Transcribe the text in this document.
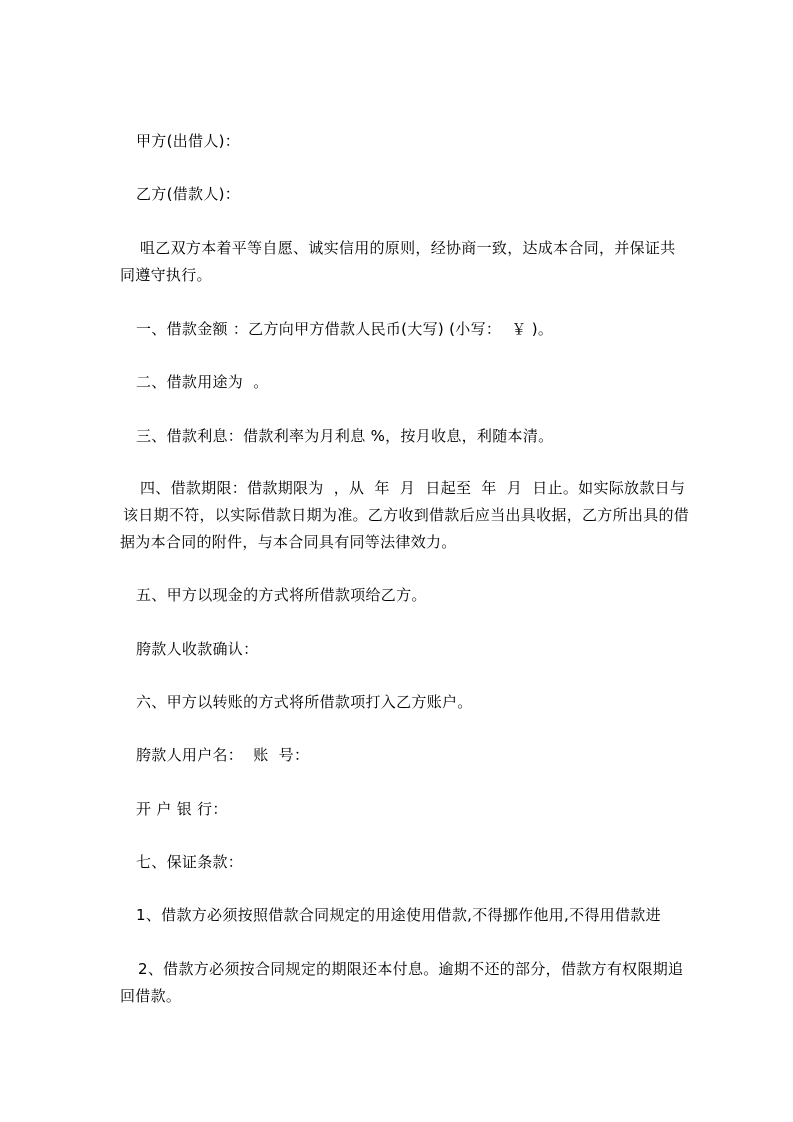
甲方(出借人)：
乙方(借款人)：
咀乙双方本着平等自愿、诚实信用的原则，经协商一致，达成本合同，并保证共
同遵守执行。
一、借款金额 ：乙方向甲方借款人民币(大写) (小写：  ￥ )。
二、借款用途为  。
三、借款利息：借款利率为月利息 %，按月收息，利随本清。
四、借款期限：借款期限为  ，从  年  月  日起至  年  月  日止。如实际放款日与
该日期不符，以实际借款日期为准。乙方收到借款后应当出具收据，乙方所出具的借
据为本合同的附件，与本合同具有同等法律效力。
五、甲方以现金的方式将所借款项给乙方。
胯款人收款确认：
六、甲方以转账的方式将所借款项打入乙方账户。
胯款人用户名：  账  号：
开 户 银 行：
七、保证条款：
1、借款方必须按照借款合同规定的用途使用借款,不得挪作他用,不得用借款进
2、借款方必须按合同规定的期限还本付息。逾期不还的部分，借款方有权限期追
回借款。
